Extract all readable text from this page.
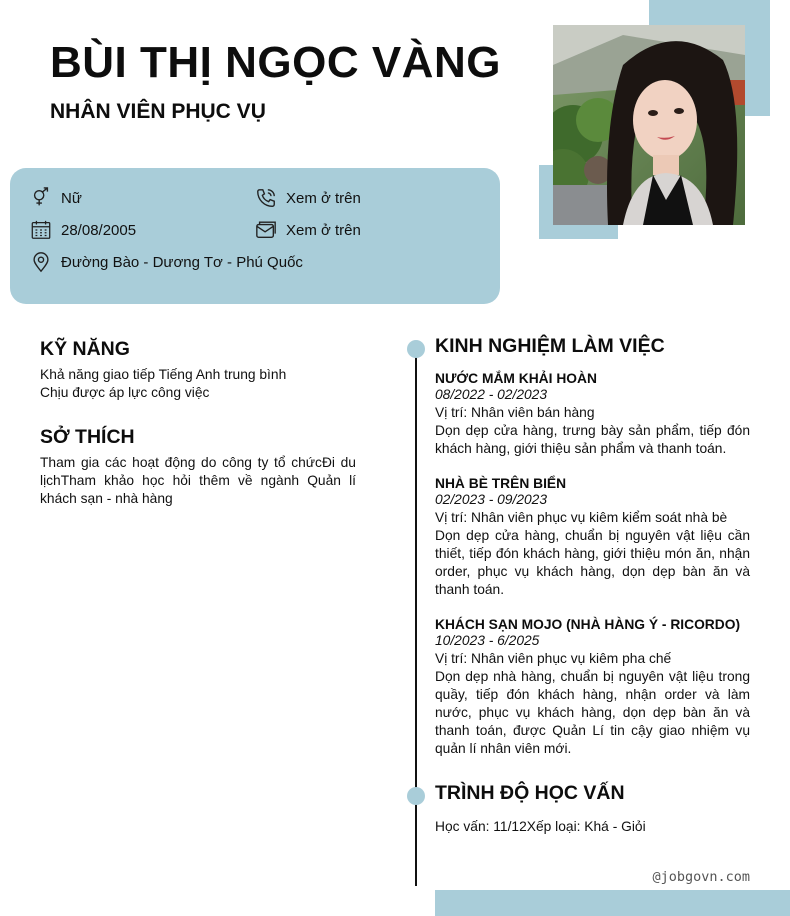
BÙI THỊ NGỌC VÀNG
NHÂN VIÊN PHỤC VỤ
Nữ
28/08/2005
Đường Bào - Dương Tơ - Phú Quốc
Xem ở trên
Xem ở trên
KỸ NĂNG
Khả năng giao tiếp Tiếng Anh trung bình
Chịu được áp lực công việc
SỞ THÍCH
Tham gia các hoạt động do công ty tổ chứcĐi du lịchTham khảo học hỏi thêm về ngành Quản lí khách sạn - nhà hàng
KINH NGHIỆM LÀM VIỆC
NƯỚC MẮM KHẢI HOÀN
08/2022 - 02/2023
Vị trí: Nhân viên bán hàng
Dọn dẹp cửa hàng, trưng bày sản phẩm, tiếp đón khách hàng, giới thiệu sản phẩm và thanh toán.
NHÀ BÈ TRÊN BIỂN
02/2023 - 09/2023
Vị trí: Nhân viên phục vụ kiêm kiểm soát nhà bè
Dọn dẹp cửa hàng, chuẩn bị nguyên vật liệu cần thiết, tiếp đón khách hàng, giới thiệu món ăn, nhận order, phục vụ khách hàng, dọn dẹp bàn ăn và thanh toán.
KHÁCH SẠN MOJO (NHÀ HÀNG Ý - RICORDO)
10/2023 - 6/2025
Vị trí: Nhân viên phục vụ kiêm pha chế
Dọn dẹp nhà hàng, chuẩn bị nguyên vật liệu trong quầy, tiếp đón khách hàng, nhận order và làm nước, phục vụ khách hàng, dọn dẹp bàn ăn và thanh toán, được Quản Lí tin cậy giao nhiệm vụ quản lí nhân viên mới.
TRÌNH ĐỘ HỌC VẤN
Học vấn: 11/12Xếp loại: Khá - Giỏi
@jobgovn.com
